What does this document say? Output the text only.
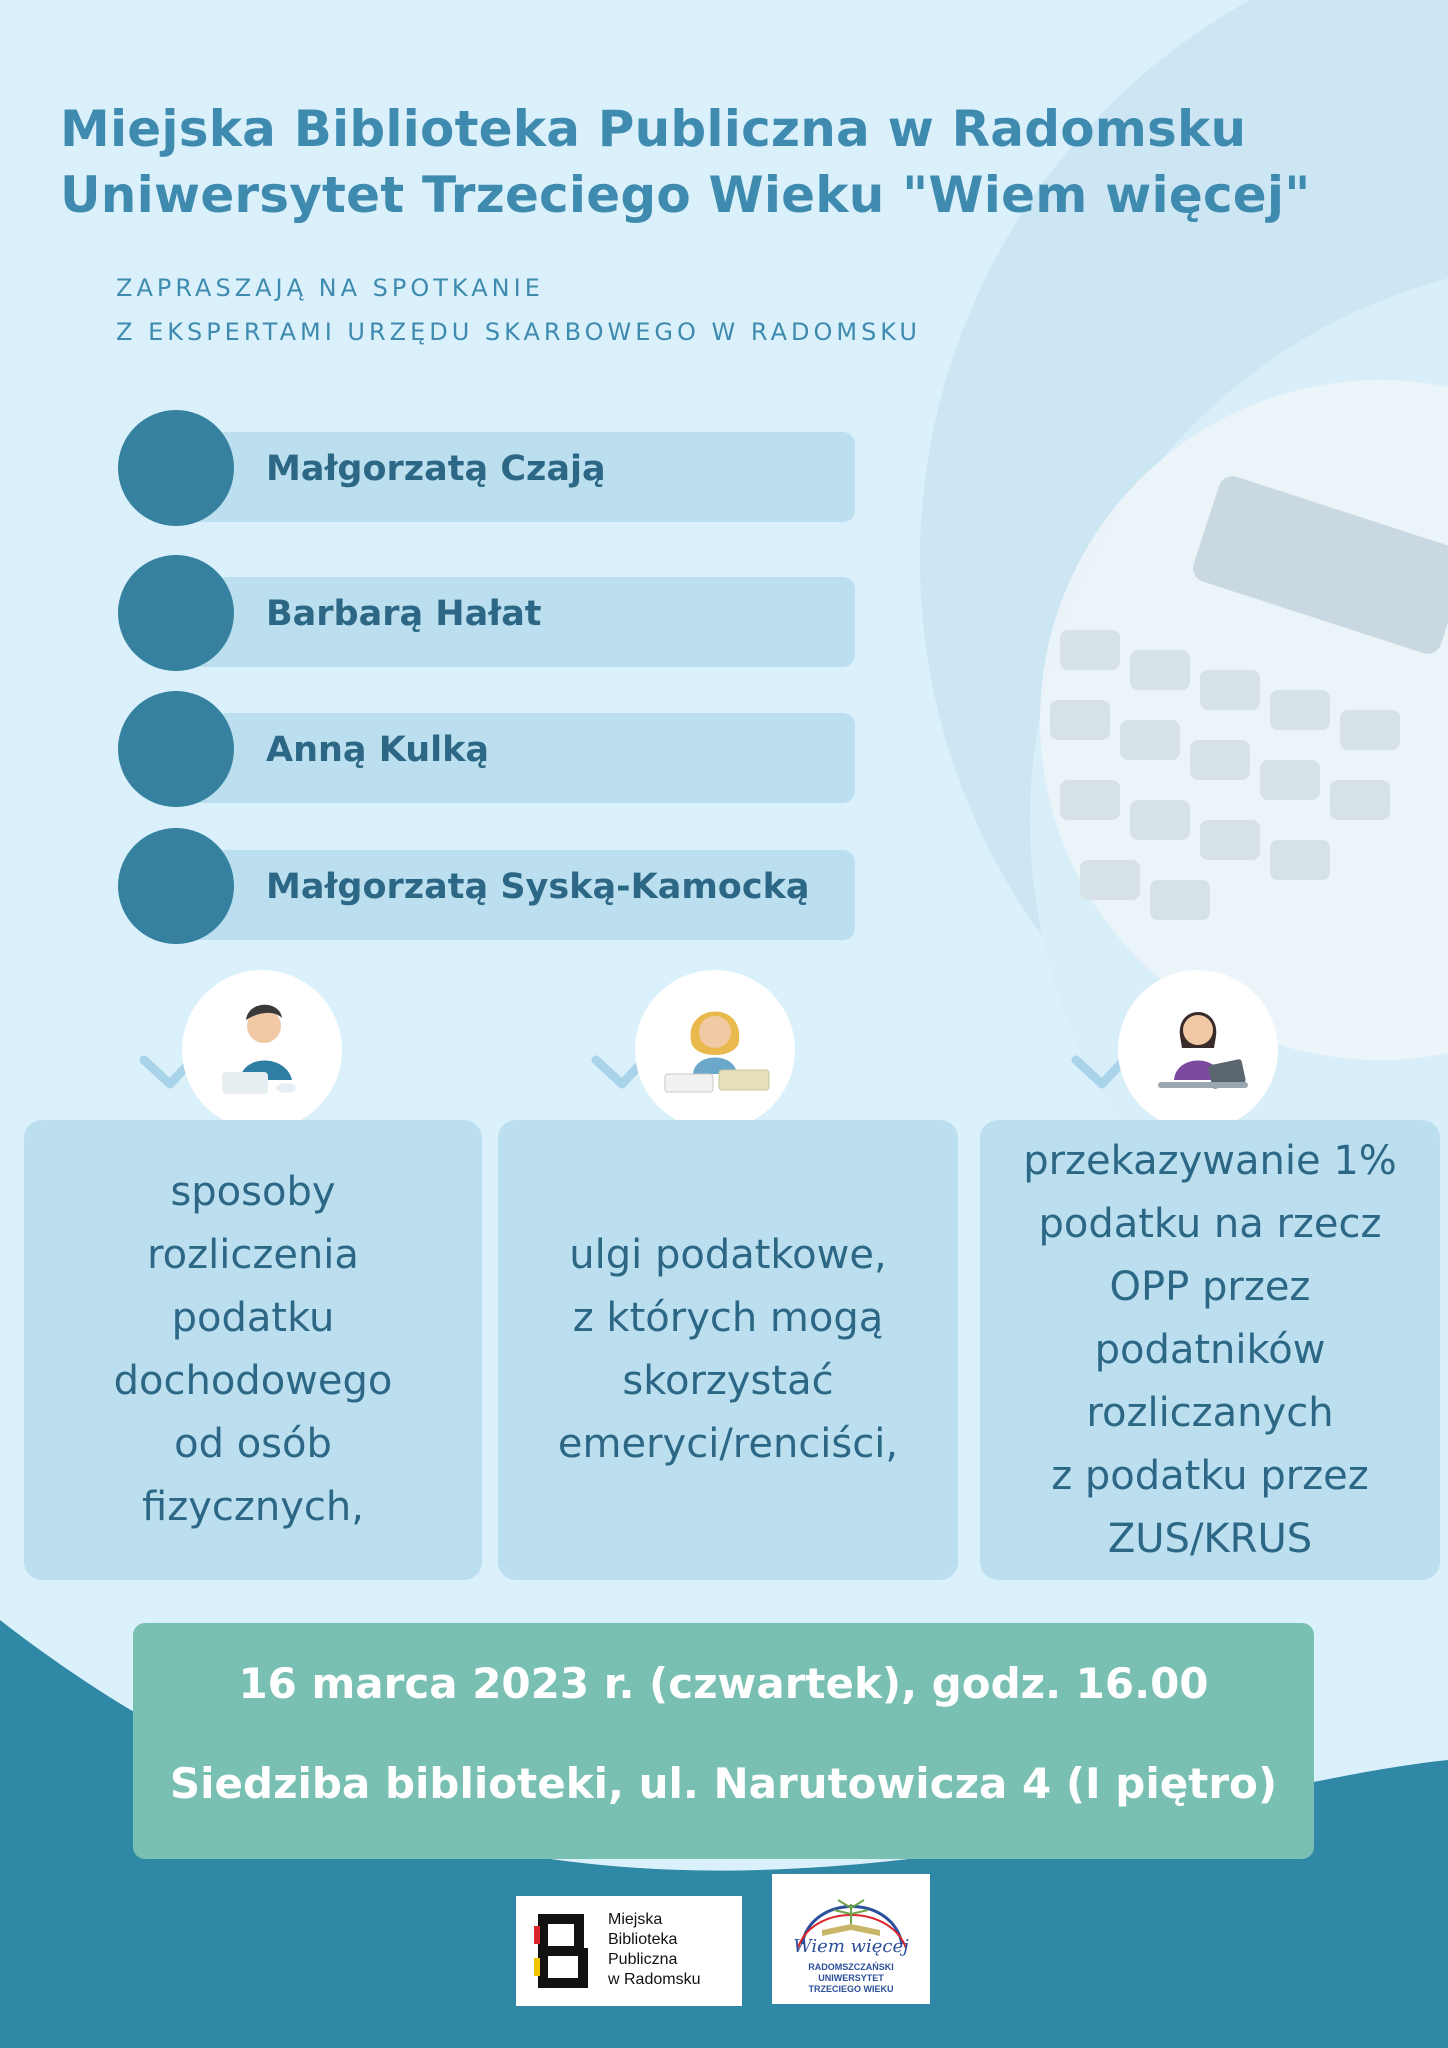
Miejska Biblioteka Publiczna w Radomsku
Uniwersytet Trzeciego Wieku "Wiem więcej"

ZAPRASZAJĄ NA SPOTKANIE
Z EKSPERTAMI URZĘDU SKARBOWEGO W RADOMSKU

Małgorzatą Czają
Barbarą Hałat
Anną Kulką
Małgorzatą Syską-Kamocką

sposoby
rozliczenia
podatku
dochodowego
od osób
fizycznych,

ulgi podatkowe,
z których mogą
skorzystać
emeryci/renciści,

przekazywanie 1%
podatku na rzecz
OPP przez
podatników
rozliczanych
z podatku przez
ZUS/KRUS

16 marca 2023 r. (czwartek), godz. 16.00
Siedziba biblioteki, ul. Narutowicza 4 (I piętro)
Miejska
Biblioteka
Publiczna
w Radomsku
Wiem więcej
RADOMSZCZAŃSKI
UNIWERSYTET
TRZECIEGO WIEKU
